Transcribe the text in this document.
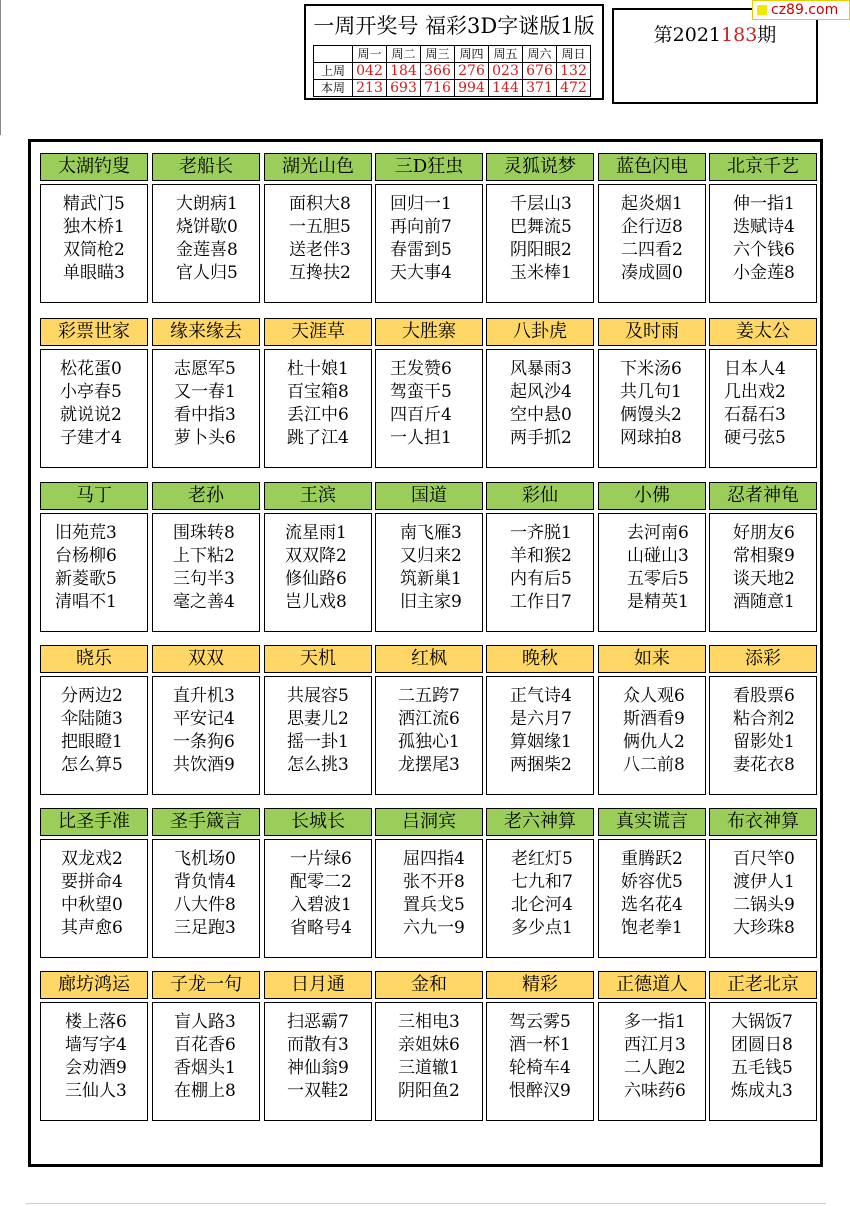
一周开奖号 福彩3D字谜版1版
	周一	周二	周三	周四	周五	周六	周日
上周	042	184	366	276	023	676	132
本周	213	693	716	994	144	371	472
第2021183期
cz89.com
太湖钓叟
精武门5
独木桥1
双筒枪2
单眼瞄3
老船长
大朗病1
烧饼歇0
金莲喜8
官人归5
湖光山色
面积大8
一五胆5
送老伴3
互搀扶2
三D狂虫
回归一1
再向前7
春雷到5
天大事4
灵狐说梦
千层山3
巴舞流5
阴阳眼2
玉米棒1
蓝色闪电
起炎烟1
企行迈8
二四看2
凑成圆0
北京千艺
伸一指1
迭赋诗4
六个钱6
小金莲8
彩票世家
松花蛋0
小亭春5
就说说2
子建才4
缘来缘去
志愿军5
又一春1
看中指3
萝卜头6
天涯草
杜十娘1
百宝箱8
丢江中6
跳了江4
大胜寨
王发赞6
驾蛮干5
四百斤4
一人担1
八卦虎
风暴雨3
起风沙4
空中悬0
两手抓2
及时雨
下米汤6
共几句1
俩馒头2
网球拍8
姜太公
日本人4
几出戏2
石磊石3
硬弓弦5
马丁
旧苑荒3
台杨柳6
新菱歌5
清唱不1
老孙
围珠转8
上下粘2
三句半3
毫之善4
王滨
流星雨1
双双降2
修仙路6
岂儿戏8
国道
南飞雁3
又归来2
筑新巢1
旧主家9
彩仙
一齐脱1
羊和猴2
内有后5
工作日7
小佛
去河南6
山碰山3
五零后5
是精英1
忍者神龟
好朋友6
常相聚9
谈天地2
酒随意1
晓乐
分两边2
伞陆随3
把眼瞪1
怎么算5
双双
直升机3
平安记4
一条狗6
共饮酒9
天机
共展容5
思妻儿2
摇一卦1
怎么挑3
红枫
二五跨7
洒江流6
孤独心1
龙摆尾3
晚秋
正气诗4
是六月7
算姻缘1
两捆柴2
如来
众人观6
斯酒看9
俩仇人2
八二前8
添彩
看股票6
粘合剂2
留影处1
妻花衣8
比圣手准
双龙戏2
要拼命4
中秋望0
其声愈6
圣手箴言
飞机场0
背负情4
八大件8
三足跑3
长城长
一片绿6
配零二2
入碧波1
省略号4
吕洞宾
屈四指4
张不开8
置兵戈5
六九一9
老六神算
老红灯5
七九和7
北仑河4
多少点1
真实谎言
重腾跃2
娇容优5
选名花4
饱老拳1
布衣神算
百尺竿0
渡伊人1
二锅头9
大珍珠8
廊坊鸿运
楼上落6
墙写字4
会劝酒9
三仙人3
子龙一句
盲人路3
百花香6
香烟头1
在棚上8
日月通
扫恶霸7
而散有3
神仙翁9
一双鞋2
金和
三相电3
亲姐妹6
三道辙1
阴阳鱼2
精彩
驾云雾5
酒一杯1
轮椅车4
恨醉汉9
正德道人
多一指1
西江月3
二人跑2
六味药6
正老北京
大锅饭7
团圆日8
五毛钱5
炼成丸3
